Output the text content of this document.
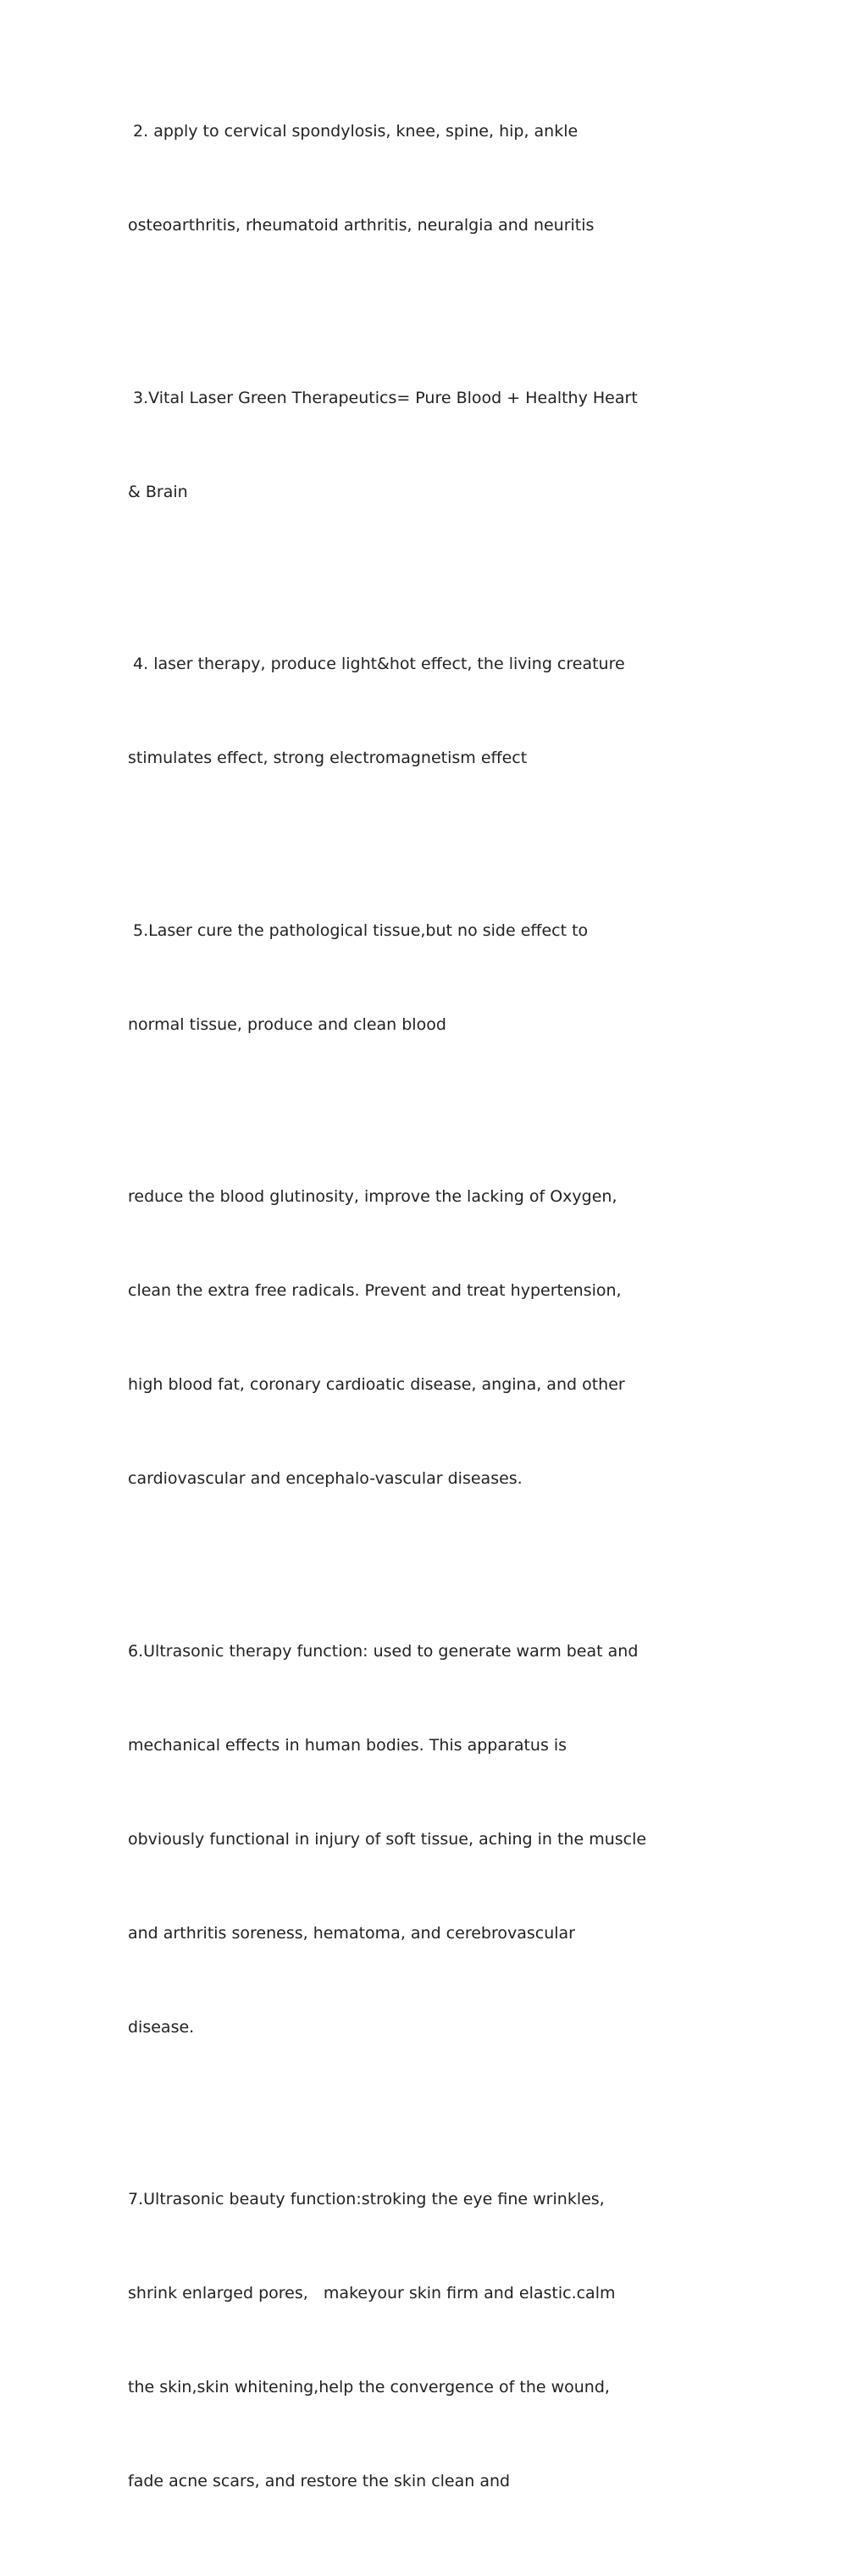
2. apply to cervical spondylosis, knee, spine, hip, ankle

osteoarthritis, rheumatoid arthritis, neuralgia and neuritis

3.Vital Laser Green Therapeutics= Pure Blood + Healthy Heart

& Brain

4. laser therapy, produce light&hot effect, the living creature

stimulates effect, strong electromagnetism effect

5.Laser cure the pathological tissue,but no side effect to

normal tissue, produce and clean blood

reduce the blood glutinosity, improve the lacking of Oxygen,

clean the extra free radicals. Prevent and treat hypertension,

high blood fat, coronary cardioatic disease, angina, and other

cardiovascular and encephalo-vascular diseases.

6.Ultrasonic therapy function: used to generate warm beat and

mechanical effects in human bodies. This apparatus is

obviously functional in injury of soft tissue, aching in the muscle

and arthritis soreness, hematoma, and cerebrovascular

disease.

7.Ultrasonic beauty function:stroking the eye fine wrinkles,

shrink enlarged pores,   makeyour skin firm and elastic.calm

the skin,skin whitening,help the convergence of the wound,

fade acne scars, and restore the skin clean and
